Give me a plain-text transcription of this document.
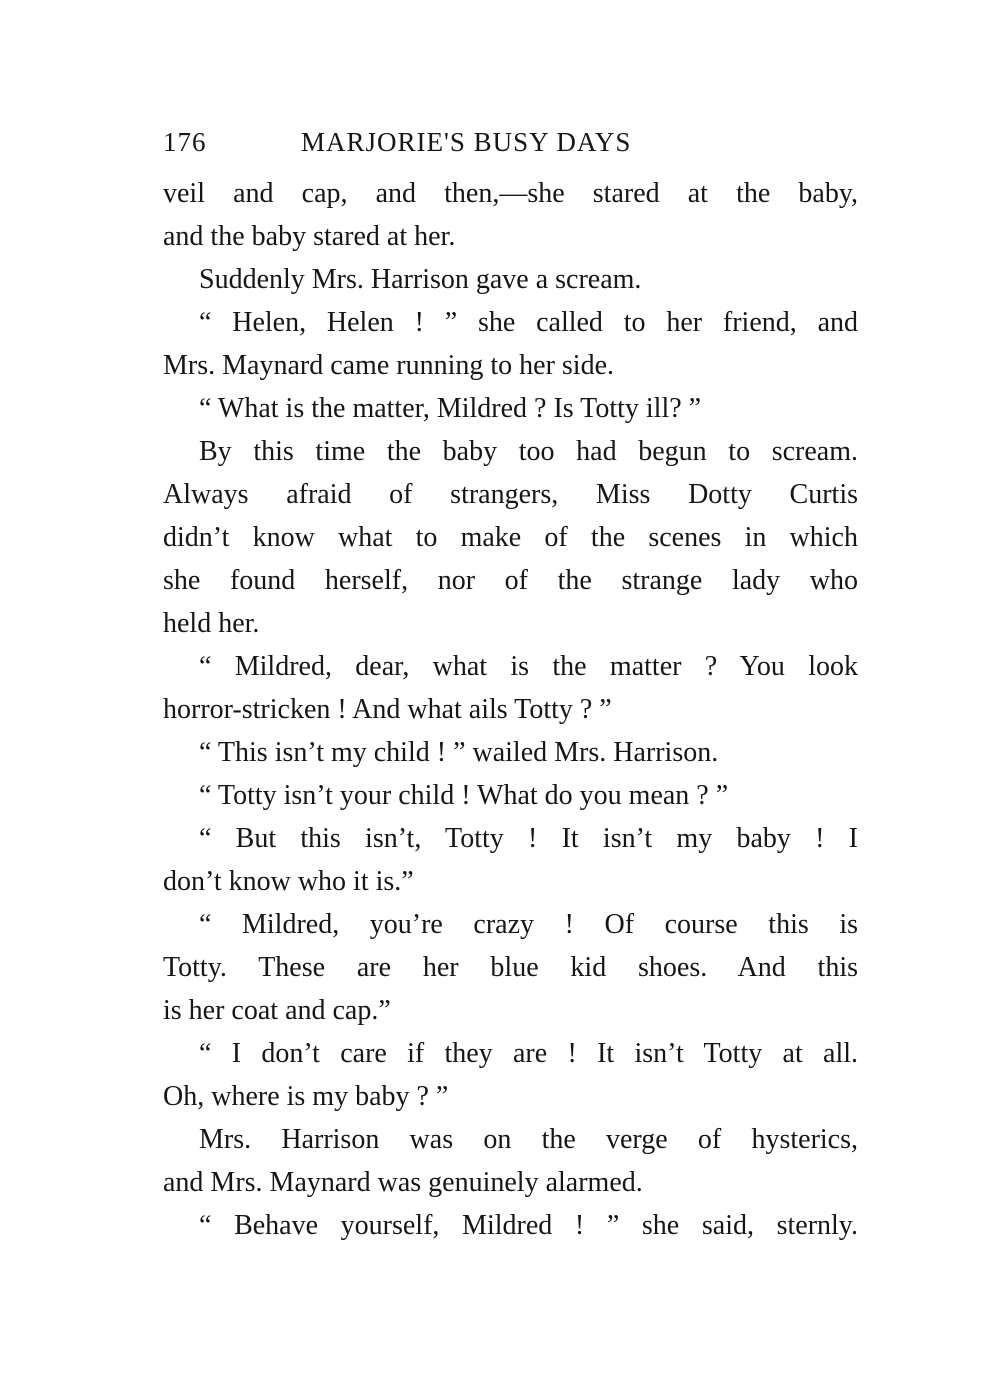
176	MARJORIE'S BUSY DAYS
veil and cap, and then,—she stared at the baby,
and the baby stared at her.
Suddenly Mrs. Harrison gave a scream.
“ Helen, Helen ! ” she called to her friend, and
Mrs. Maynard came running to her side.
“ What is the matter, Mildred ? Is Totty ill? ”
By this time the baby too had begun to scream.
Always afraid of strangers, Miss Dotty Curtis
didn’t know what to make of the scenes in which
she found herself, nor of the strange lady who
held her.
“ Mildred, dear, what is the matter ? You look
horror-stricken ! And what ails Totty ? ”
“ This isn’t my child ! ” wailed Mrs. Harrison.
“ Totty isn’t your child ! What do you mean ? ”
“ But this isn’t, Totty ! It isn’t my baby ! I
don’t know who it is.”
“ Mildred, you’re crazy ! Of course this is
Totty. These are her blue kid shoes. And this
is her coat and cap.”
“ I don’t care if they are ! It isn’t Totty at all.
Oh, where is my baby ? ”
Mrs. Harrison was on the verge of hysterics,
and Mrs. Maynard was genuinely alarmed.
“ Behave yourself, Mildred ! ” she said, sternly.
